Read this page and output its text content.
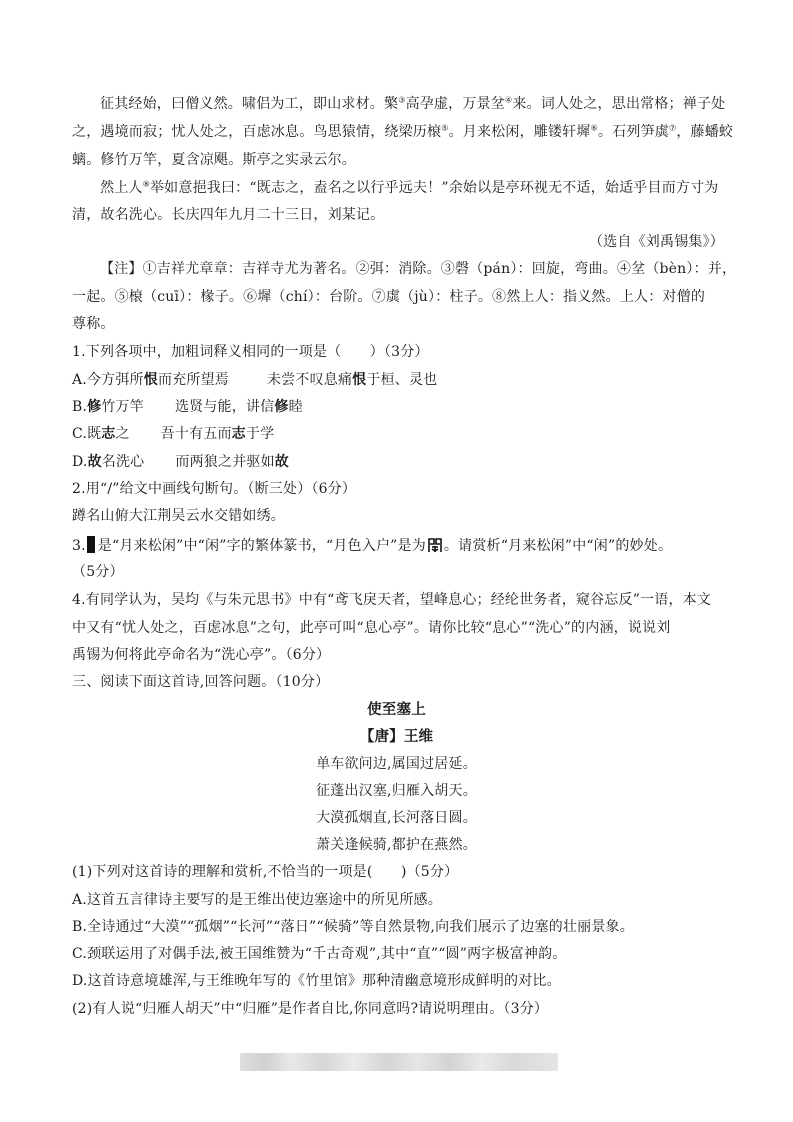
征其经始，曰僧义然。啸侣为工，即山求材。檠③高孕虚，万景坌④来。词人处之，思出常格；禅子处
之，遇境而寂；忧人处之，百虑冰息。鸟思猿情，绕梁历榱⑤。月来松闲，雕镂轩墀⑥。石列笋虡⑦，藤蟠蛟
螭。修竹万竿，夏含凉飓。斯亭之实录云尔。
然上人⑧举如意挹我曰：“既志之，盍名之以行乎远夫！”余始以是亭环视无不适，始适乎目而方寸为
清，故名洗心。长庆四年九月二十三日，刘某记。
（选自《刘禹锡集》）
【注】①吉祥尤章章：吉祥寺尤为著名。②弭：消除。③磬（pán）：回旋，弯曲。④坌（bèn）：并，
一起。⑤榱（cuī）：椽子。⑥墀（chí）：台阶。⑦虡（jù）：柱子。⑧然上人：指义然。上人：对僧的
尊称。
1.下列各项中，加粗词释义相同的一项是（　　）（3分）
A.今方弭所恨而充所望焉	未尝不叹息痛恨于桓、灵也
B.修竹万竿 选贤与能，讲信修睦
C.既志之 吾十有五而志于学
D.故名洗心 而两狼之并驱如故
2.用“/”给文中画线句断句。（断三处）（6分）
蹲名山俯大江荆吴云水交错如绣。
3. 是“月来松闲”中“闲”字的繁体篆书，“月色入户”是为 。请赏析“月来松闲”中“闲”的妙处。
（5分）
4.有同学认为，吴均《与朱元思书》中有“鸢飞戾天者，望峰息心；经纶世务者，窥谷忘反”一语，本文
中又有“忧人处之，百虑冰息”之句，此亭可叫“息心亭”。请你比较“息心”“洗心”的内涵，说说刘
禹锡为何将此亭命名为“洗心亭”。（6分）
三、阅读下面这首诗,回答问题。（10分）
使至塞上
【唐】王维
单车欲问边,属国过居延。
征蓬出汉塞,归雁入胡天。
大漠孤烟直,长河落日圆。
萧关逢候骑,都护在燕然。
(1)下列对这首诗的理解和赏析,不恰当的一项是(　　)（5分）
A.这首五言律诗主要写的是王维出使边塞途中的所见所感。
B.全诗通过“大漠”“孤烟”“长河”“落日”“候骑”等自然景物,向我们展示了边塞的壮丽景象。
C.颈联运用了对偶手法,被王国维赞为“千古奇观”,其中“直”“圆”两字极富神韵。
D.这首诗意境雄浑,与王维晚年写的《竹里馆》那种清幽意境形成鲜明的对比。
(2)有人说“归雁人胡天”中“归雁”是作者自比,你同意吗?请说明理由。（3分）
